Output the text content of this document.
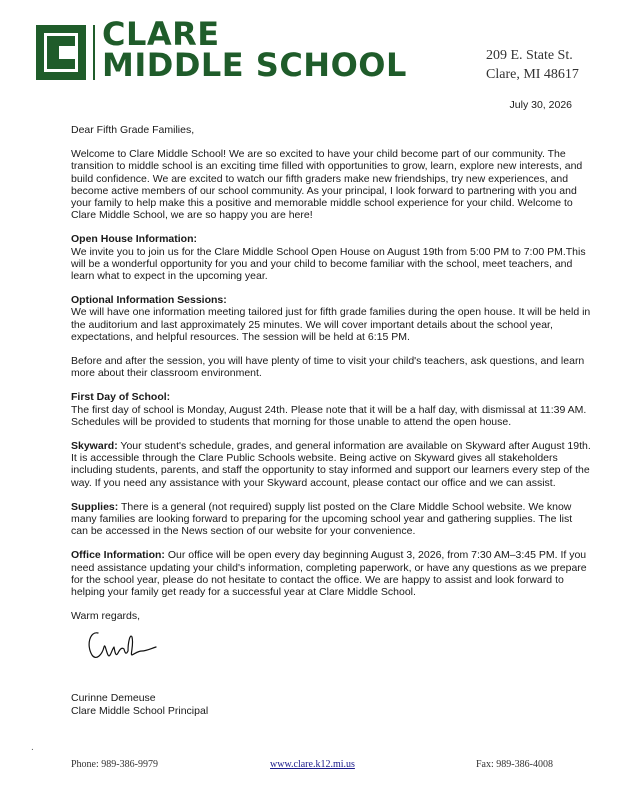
CLARE
MIDDLE SCHOOL	209 E. State St.
Clare, MI 48617
July 30, 2026

Dear Fifth Grade Families,

Welcome to Clare Middle School! We are so excited to have your child become part of our community. The transition to middle school is an exciting time filled with opportunities to grow, learn, explore new interests, and build confidence. We are excited to watch our fifth graders make new friendships, try new experiences, and become active members of our school community. As your principal, I look forward to partnering with you and your family to help make this a positive and memorable middle school experience for your child. Welcome to Clare Middle School, we are so happy you are here!

Open House Information:
We invite you to join us for the Clare Middle School Open House on August 19th from 5:00 PM to 7:00 PM.This will be a wonderful opportunity for you and your child to become familiar with the school, meet teachers, and learn what to expect in the upcoming year.

Optional Information Sessions:
We will have one information meeting tailored just for fifth grade families during the open house. It will be held in the auditorium and last approximately 25 minutes. We will cover important details about the school year, expectations, and helpful resources. The session will be held at 6:15 PM.

Before and after the session, you will have plenty of time to visit your child's teachers, ask questions, and learn more about their classroom environment.

First Day of School:
The first day of school is Monday, August 24th. Please note that it will be a half day, with dismissal at 11:39 AM. Schedules will be provided to students that morning for those unable to attend the open house.

Skyward: Your student's schedule, grades, and general information are available on Skyward after August 19th. It is accessible through the Clare Public Schools website. Being active on Skyward gives all stakeholders including students, parents, and staff the opportunity to stay informed and support our learners every step of the way. If you need any assistance with your Skyward account, please contact our office and we can assist.

Supplies: There is a general (not required) supply list posted on the Clare Middle School website. We know many families are looking forward to preparing for the upcoming school year and gathering supplies. The list can be accessed in the News section of our website for your convenience.

Office Information: Our office will be open every day beginning August 3, 2026, from 7:30 AM–3:45 PM. If you need assistance updating your child's information, completing paperwork, or have any questions as we prepare for the school year, please do not hesitate to contact the office. We are happy to assist and look forward to helping your family get ready for a successful year at Clare Middle School.

Warm regards,

Curinne Demeuse
Clare Middle School Principal
.
Phone: 989-386-9979	www.clare.k12.mi.us	Fax: 989-386-4008
